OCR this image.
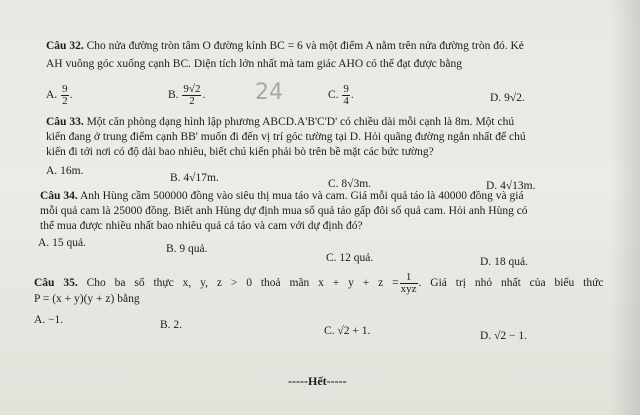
Câu 32. Cho nửa đường tròn tâm O đường kính BC = 6 và một điểm A nằm trên nửa đường tròn đó. Kẻ
AH vuông góc xuống cạnh BC. Diện tích lớn nhất mà tam giác AHO có thể đạt được bằng
A. $\frac{9}{2}$ .	B. $\frac{9√2}{2}$ . 24	C. $\frac{9}{4}$ .	D. 9√2.
Câu 33. Một căn phòng dạng hình lập phương ABCD.A'B'C'D' có chiều dài mỗi cạnh là 8m. Một chú
kiến đang ở trung điểm cạnh BB' muốn đi đến vị trí góc tường tại D. Hỏi quãng đường ngắn nhất để chú
kiến đi tới nơi có độ dài bao nhiêu, biết chú kiến phải bò trên bề mặt các bức tường?
A. 16m.
B. 4√17m.	C. 8√3m.	D. 4√13m.
Câu 34. Anh Hùng cầm 500000 đồng vào siêu thị mua táo và cam. Giá mỗi quả táo là 40000 đồng và giá
mỗi quả cam là 25000 đồng. Biết anh Hùng dự định mua số quả táo gấp đôi số quả cam. Hỏi anh Hùng có
thể mua được nhiều nhất bao nhiêu quả cả táo và cam với dự định đó?
A. 15 quả.	B. 9 quả.
C. 12 quả.	D. 18 quả.
Câu 35. Cho ba số thực x, y, z > 0 thoả mãn $x + y + z = \frac{1}{\text{xyz}}$ . Giá trị nhỏ nhất của biểu thức
P = (x + y)(y + z) bằng
A. −1.	B. 2.	C. √2 + 1.	D. √2 − 1.
-----Hết-----
